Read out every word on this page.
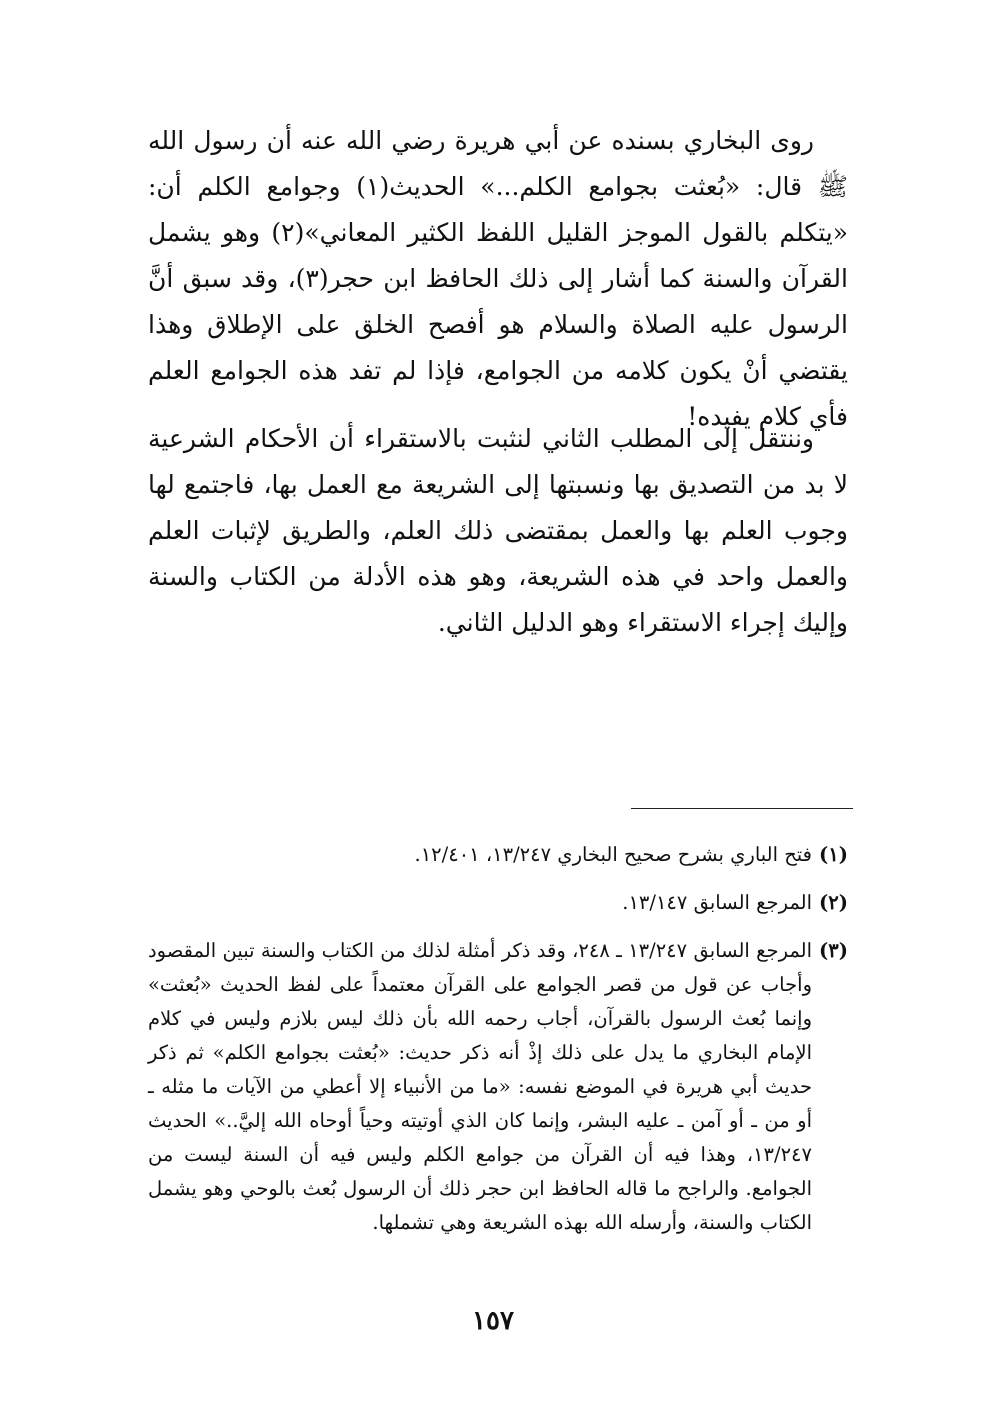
روى البخاري بسنده عن أبي هريرة رضي الله عنه أن رسول الله ﷺ قال: «بُعثت بجوامع الكلم...» الحديث(١) وجوامع الكلم أن: «يتكلم بالقول الموجز القليل اللفظ الكثير المعاني»(٢) وهو يشمل القرآن والسنة كما أشار إلى ذلك الحافظ ابن حجر(٣)، وقد سبق أنَّ الرسول عليه الصلاة والسلام هو أفصح الخلق على الإطلاق وهذا يقتضي أنْ يكون كلامه من الجوامع، فإذا لم تفد هذه الجوامع العلم فأي كلام يفيده!

وننتقل إلى المطلب الثاني لنثبت بالاستقراء أن الأحكام الشرعية لا بد من التصديق بها ونسبتها إلى الشريعة مع العمل بها، فاجتمع لها وجوب العلم بها والعمل بمقتضى ذلك العلم، والطريق لإثبات العلم والعمل واحد في هذه الشريعة، وهو هذه الأدلة من الكتاب والسنة وإليك إجراء الاستقراء وهو الدليل الثاني.

(١)
فتح الباري بشرح صحيح البخاري ١٣/٢٤٧، ١٢/٤٠١.
(٢)
المرجع السابق ١٣/١٤٧.
(٣)
المرجع السابق ١٣/٢٤٧ ـ ٢٤٨، وقد ذكر أمثلة لذلك من الكتاب والسنة تبين المقصود وأجاب عن قول من قصر الجوامع على القرآن معتمداً على لفظ الحديث «بُعثت» وإنما بُعث الرسول بالقرآن، أجاب رحمه الله بأن ذلك ليس بلازم وليس في كلام الإمام البخاري ما يدل على ذلك إذْ أنه ذكر حديث: «بُعثت بجوامع الكلم» ثم ذكر حديث أبي هريرة في الموضع نفسه: «ما من الأنبياء إلا أعطي من الآيات ما مثله ـ أو من ـ أو آمن ـ عليه البشر، وإنما كان الذي أوتيته وحياً أوحاه الله إليَّ..» الحديث ١٣/٢٤٧، وهذا فيه أن القرآن من جوامع الكلم وليس فيه أن السنة ليست من الجوامع. والراجح ما قاله الحافظ ابن حجر ذلك أن الرسول بُعث بالوحي وهو يشمل الكتاب والسنة، وأرسله الله بهذه الشريعة وهي تشملها.
١٥٧
